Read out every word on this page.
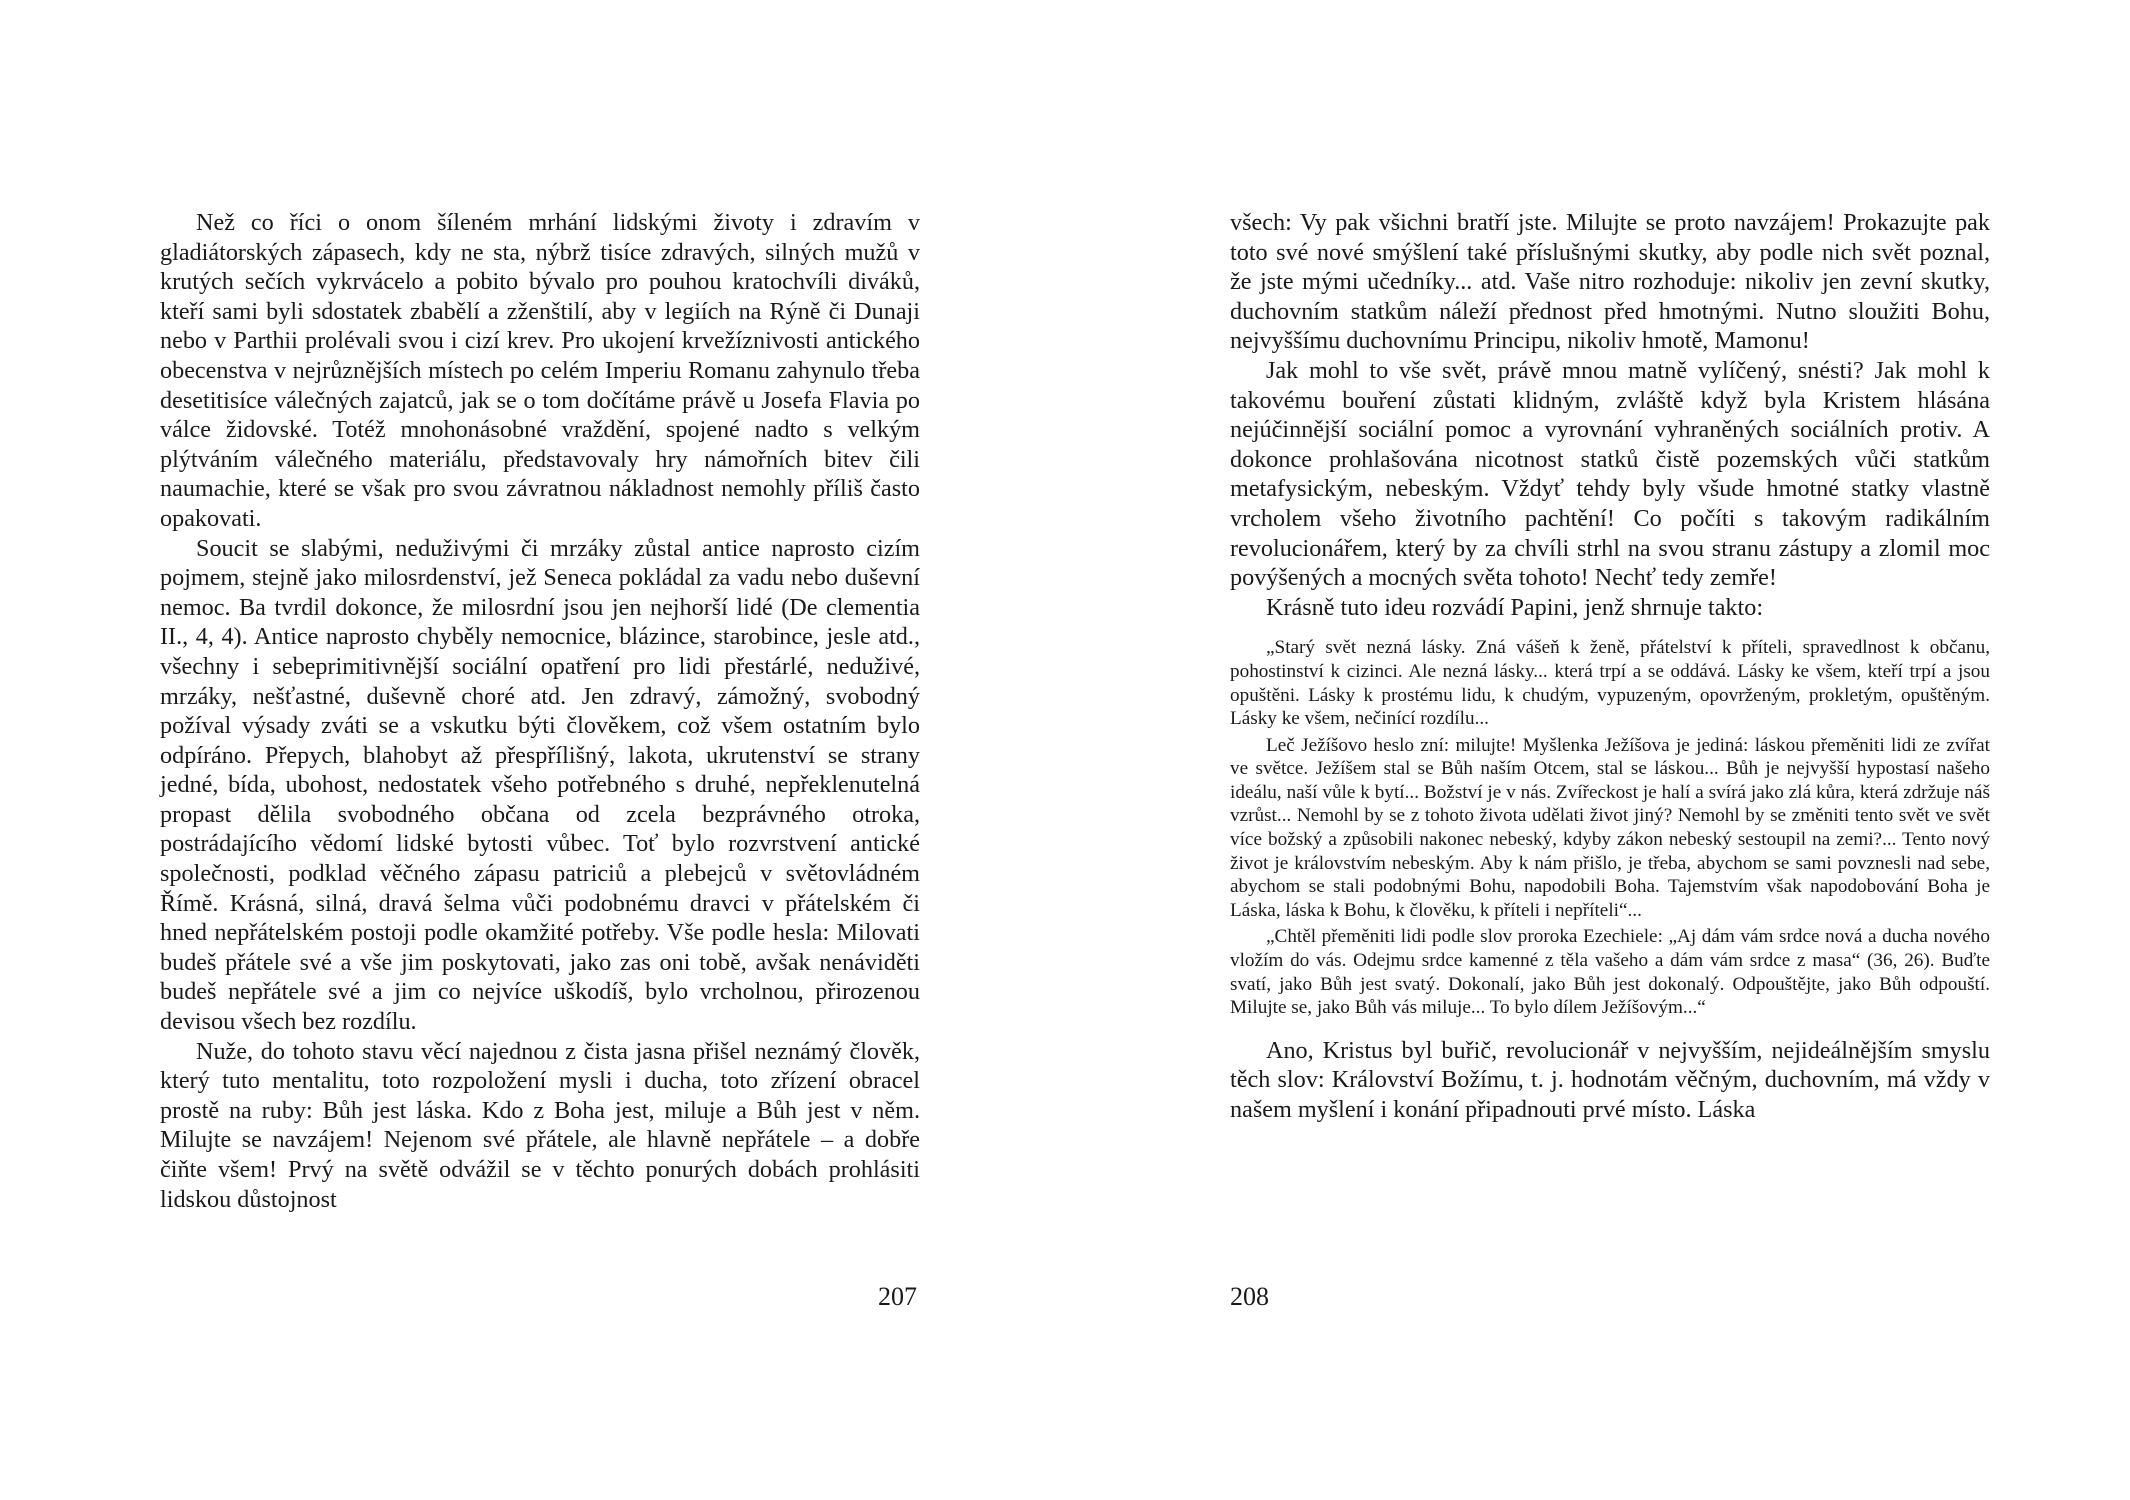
Než co říci o onom šíleném mrhání lidskými životy i zdravím v gladiátorských zápasech, kdy ne sta, nýbrž tisíce zdravých, silných mužů v krutých sečích vykrvácelo a pobito bývalo pro pouhou kratochvíli diváků, kteří sami byli sdostatek zbabělí a zženštilí, aby v legiích na Rýně či Dunaji nebo v Parthii prolévali svou i cizí krev. Pro ukojení krvežíznivosti antického obecenstva v nejrůznějších místech po celém Imperiu Romanu zahynulo třeba desetitisíce válečných zajatců, jak se o tom dočítáme právě u Josefa Flavia po válce židovské. Totéž mnohonásobné vraždění, spojené nadto s velkým plýtváním válečného materiálu, představovaly hry námořních bitev čili naumachie, které se však pro svou závratnou nákladnost nemohly příliš často opakovati.

Soucit se slabými, neduživými či mrzáky zůstal antice naprosto cizím pojmem, stejně jako milosrdenství, jež Seneca pokládal za vadu nebo duševní nemoc. Ba tvrdil dokonce, že milosrdní jsou jen nejhorší lidé (De clementia II., 4, 4). Antice naprosto chyběly nemocnice, blázince, starobince, jesle atd., všechny i sebeprimitivnější sociální opatření pro lidi přestárlé, neduživé, mrzáky, nešťastné, duševně choré atd. Jen zdravý, zámožný, svobodný požíval výsady zváti se a vskutku býti člověkem, což všem ostatním bylo odpíráno. Přepych, blahobyt až přespřílišný, lakota, ukrutenství se strany jedné, bída, ubohost, nedostatek všeho potřebného s druhé, nepřeklenutelná propast dělila svobodného občana od zcela bezprávného otroka, postrádajícího vědomí lidské bytosti vůbec. Toť bylo rozvrstvení antické společnosti, podklad věčného zápasu patriciů a plebejců v světovládném Římě. Krásná, silná, dravá šelma vůči podobnému dravci v přátelském či hned nepřátelském postoji podle okamžité potřeby. Vše podle hesla: Milovati budeš přátele své a vše jim poskytovati, jako zas oni tobě, avšak nenáviděti budeš nepřátele své a jim co nejvíce uškodíš, bylo vrcholnou, přirozenou devisou všech bez rozdílu.

Nuže, do tohoto stavu věcí najednou z čista jasna přišel neznámý člověk, který tuto mentalitu, toto rozpoložení mysli i ducha, toto zřízení obracel prostě na ruby: Bůh jest láska. Kdo z Boha jest, miluje a Bůh jest v něm. Milujte se navzájem! Nejenom své přátele, ale hlavně nepřátele – a dobře čiňte všem! Prvý na světě odvážil se v těchto ponurých dobách prohlásiti lidskou důstojnost

207

všech: Vy pak všichni bratří jste. Milujte se proto navzájem! Prokazujte pak toto své nové smýšlení také příslušnými skutky, aby podle nich svět poznal, že jste mými učedníky... atd. Vaše nitro rozhoduje: nikoliv jen zevní skutky, duchovním statkům náleží přednost před hmotnými. Nutno sloužiti Bohu, nejvyššímu duchovnímu Principu, nikoliv hmotě, Mamonu!

Jak mohl to vše svět, právě mnou matně vylíčený, snésti? Jak mohl k takovému bouření zůstati klidným, zvláště když byla Kristem hlásána nejúčinnější sociální pomoc a vyrovnání vyhraněných sociálních protiv. A dokonce prohlašována nicotnost statků čistě pozemských vůči statkům metafysickým, nebeským. Vždyť tehdy byly všude hmotné statky vlastně vrcholem všeho životního pachtění! Co počíti s takovým radikálním revolucionářem, který by za chvíli strhl na svou stranu zástupy a zlomil moc povýšených a mocných světa tohoto! Nechť tedy zemře!

Krásně tuto ideu rozvádí Papini, jenž shrnuje takto:

„Starý svět nezná lásky. Zná vášeň k ženě, přátelství k příteli, spravedlnost k občanu, pohostinství k cizinci. Ale nezná lásky... která trpí a se oddává. Lásky ke všem, kteří trpí a jsou opuštěni. Lásky k prostému lidu, k chudým, vypuzeným, opovrženým, prokletým, opuštěným. Lásky ke všem, nečinící rozdílu...

Leč Ježíšovo heslo zní: milujte! Myšlenka Ježíšova je jediná: láskou přeměniti lidi ze zvířat ve světce. Ježíšem stal se Bůh naším Otcem, stal se láskou... Bůh je nejvyšší hypostasí našeho ideálu, naší vůle k bytí... Božství je v nás. Zvířeckost je halí a svírá jako zlá kůra, která zdržuje náš vzrůst... Nemohl by se z tohoto života udělati život jiný? Nemohl by se změniti tento svět ve svět více božský a způsobili nakonec nebeský, kdyby zákon nebeský sestoupil na zemi?... Tento nový život je královstvím nebeským. Aby k nám přišlo, je třeba, abychom se sami povznesli nad sebe, abychom se stali podobnými Bohu, napodobili Boha. Tajemstvím však napodobování Boha je Láska, láska k Bohu, k člověku, k příteli i nepříteli“...

„Chtěl přeměniti lidi podle slov proroka Ezechiele: „Aj dám vám srdce nová a ducha nového vložím do vás. Odejmu srdce kamenné z těla vašeho a dám vám srdce z masa“ (36, 26). Buďte svatí, jako Bůh jest svatý. Dokonalí, jako Bůh jest dokonalý. Odpouštějte, jako Bůh odpouští. Milujte se, jako Bůh vás miluje... To bylo dílem Ježíšovým...“

Ano, Kristus byl buřič, revolucionář v nejvyšším, nejideálnějším smyslu těch slov: Království Božímu, t. j. hodnotám věčným, duchovním, má vždy v našem myšlení i konání připadnouti prvé místo. Láska

208
